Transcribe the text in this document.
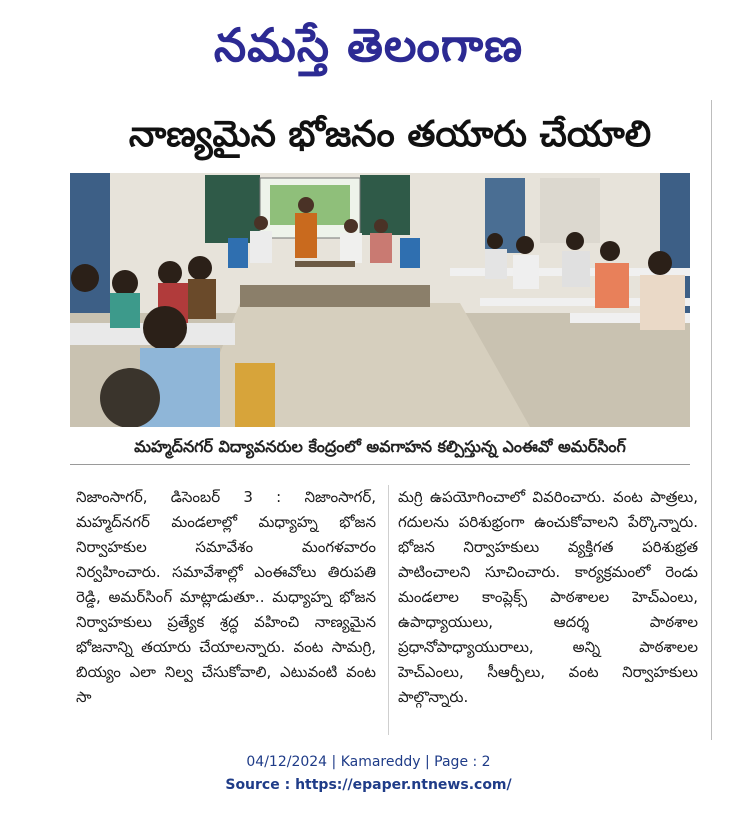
నమస్తే తెలంగాణ
నాణ్యమైన భోజనం తయారు చేయాలి
మహ్మద్‌నగర్ విద్యావనరుల కేంద్రంలో అవగాహన కల్పిస్తున్న ఎంఈవో అమర్‌సింగ్
నిజాంసాగర్, డిసెంబర్ 3 : నిజాంసాగర్, మహ్మద్‌నగర్ మండలాల్లో మధ్యాహ్న భోజన నిర్వాహకుల సమావేశం మంగళవారం నిర్వహించారు. సమావేశాల్లో ఎంఈవోలు తిరుపతి రెడ్డి, అమర్‌సింగ్ మాట్లాడుతూ.. మధ్యాహ్న భోజన నిర్వాహకులు ప్రత్యేక శ్రద్ధ వహించి నాణ్యమైన భోజనాన్ని తయారు చేయాలన్నారు. వంట సామగ్రి, బియ్యం ఎలా నిల్వ చేసుకోవాలి, ఎటువంటి వంట సా
మగ్రి ఉపయోగించాలో వివరించారు. వంట పాత్రలు, గదులను పరిశుభ్రంగా ఉంచుకోవాలని పేర్కొన్నారు. భోజన నిర్వాహకులు వ్యక్తిగత పరిశుభ్రత పాటించాలని సూచించారు. కార్యక్రమంలో రెండు మండలాల కాంప్లెక్స్ పాఠశాలల హెచ్ఎంలు, ఉపాధ్యాయులు, ఆదర్శ పాఠశాల ప్రధానోపాధ్యాయురాలు, అన్ని పాఠశాలల హెచ్ఎంలు, సీఆర్పీలు, వంట నిర్వాహకులు పాల్గొన్నారు.
04/12/2024 | Kamareddy | Page : 2
Source : https://epaper.ntnews.com/
